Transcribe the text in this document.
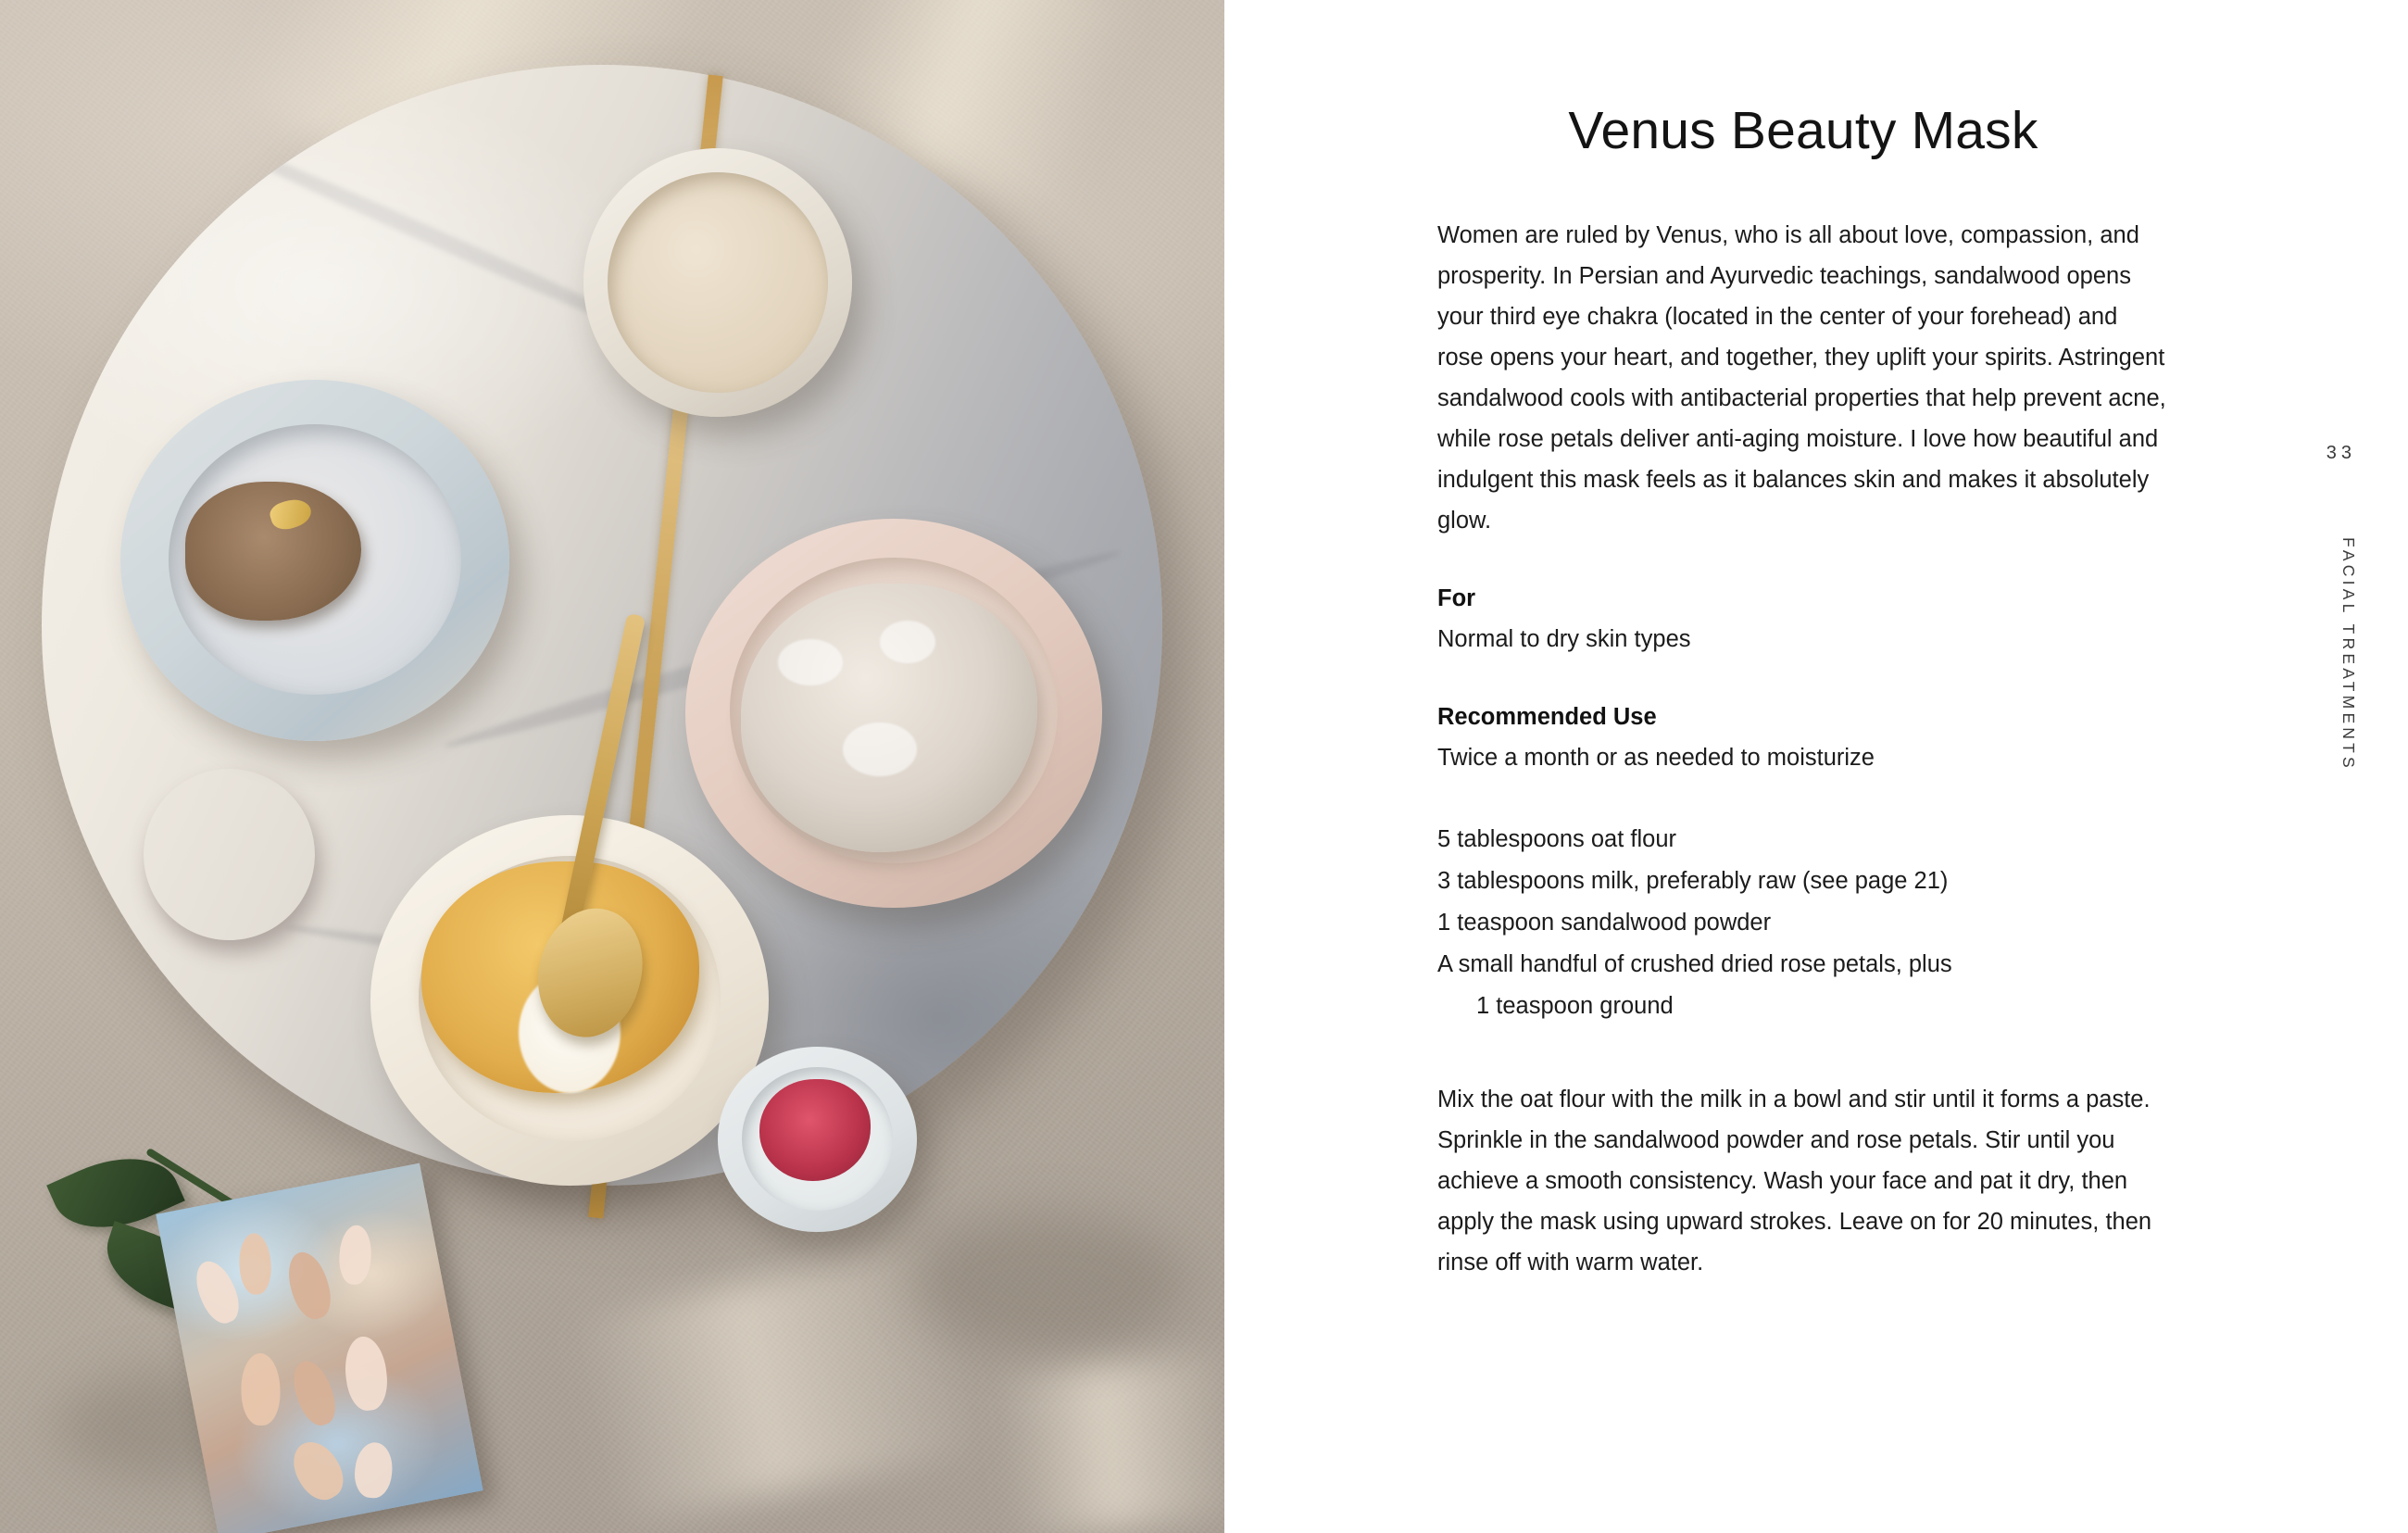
Venus Beauty Mask

Women are ruled by Venus, who is all about love, compassion, and prosperity. In Persian and Ayurvedic teachings, sandalwood opens your third eye chakra (located in the center of your forehead) and rose opens your heart, and together, they uplift your spirits. Astringent sandalwood cools with antibacterial properties that help prevent acne, while rose petals deliver anti-aging moisture. I love how beautiful and indulgent this mask feels as it balances skin and makes it absolutely glow.

For

Normal to dry skin types

Recommended Use

Twice a month or as needed to moisturize

5 tablespoons oat flour
3 tablespoons milk, preferably raw (see page 21)
1 teaspoon sandalwood powder
A small handful of crushed dried rose petals, plus
1 teaspoon ground

Mix the oat flour with the milk in a bowl and stir until it forms a paste. Sprinkle in the sandalwood powder and rose petals. Stir until you achieve a smooth consistency. Wash your face and pat it dry, then apply the mask using upward strokes. Leave on for 20 minutes, then rinse off with warm water.

33
FACIAL TREATMENTS
